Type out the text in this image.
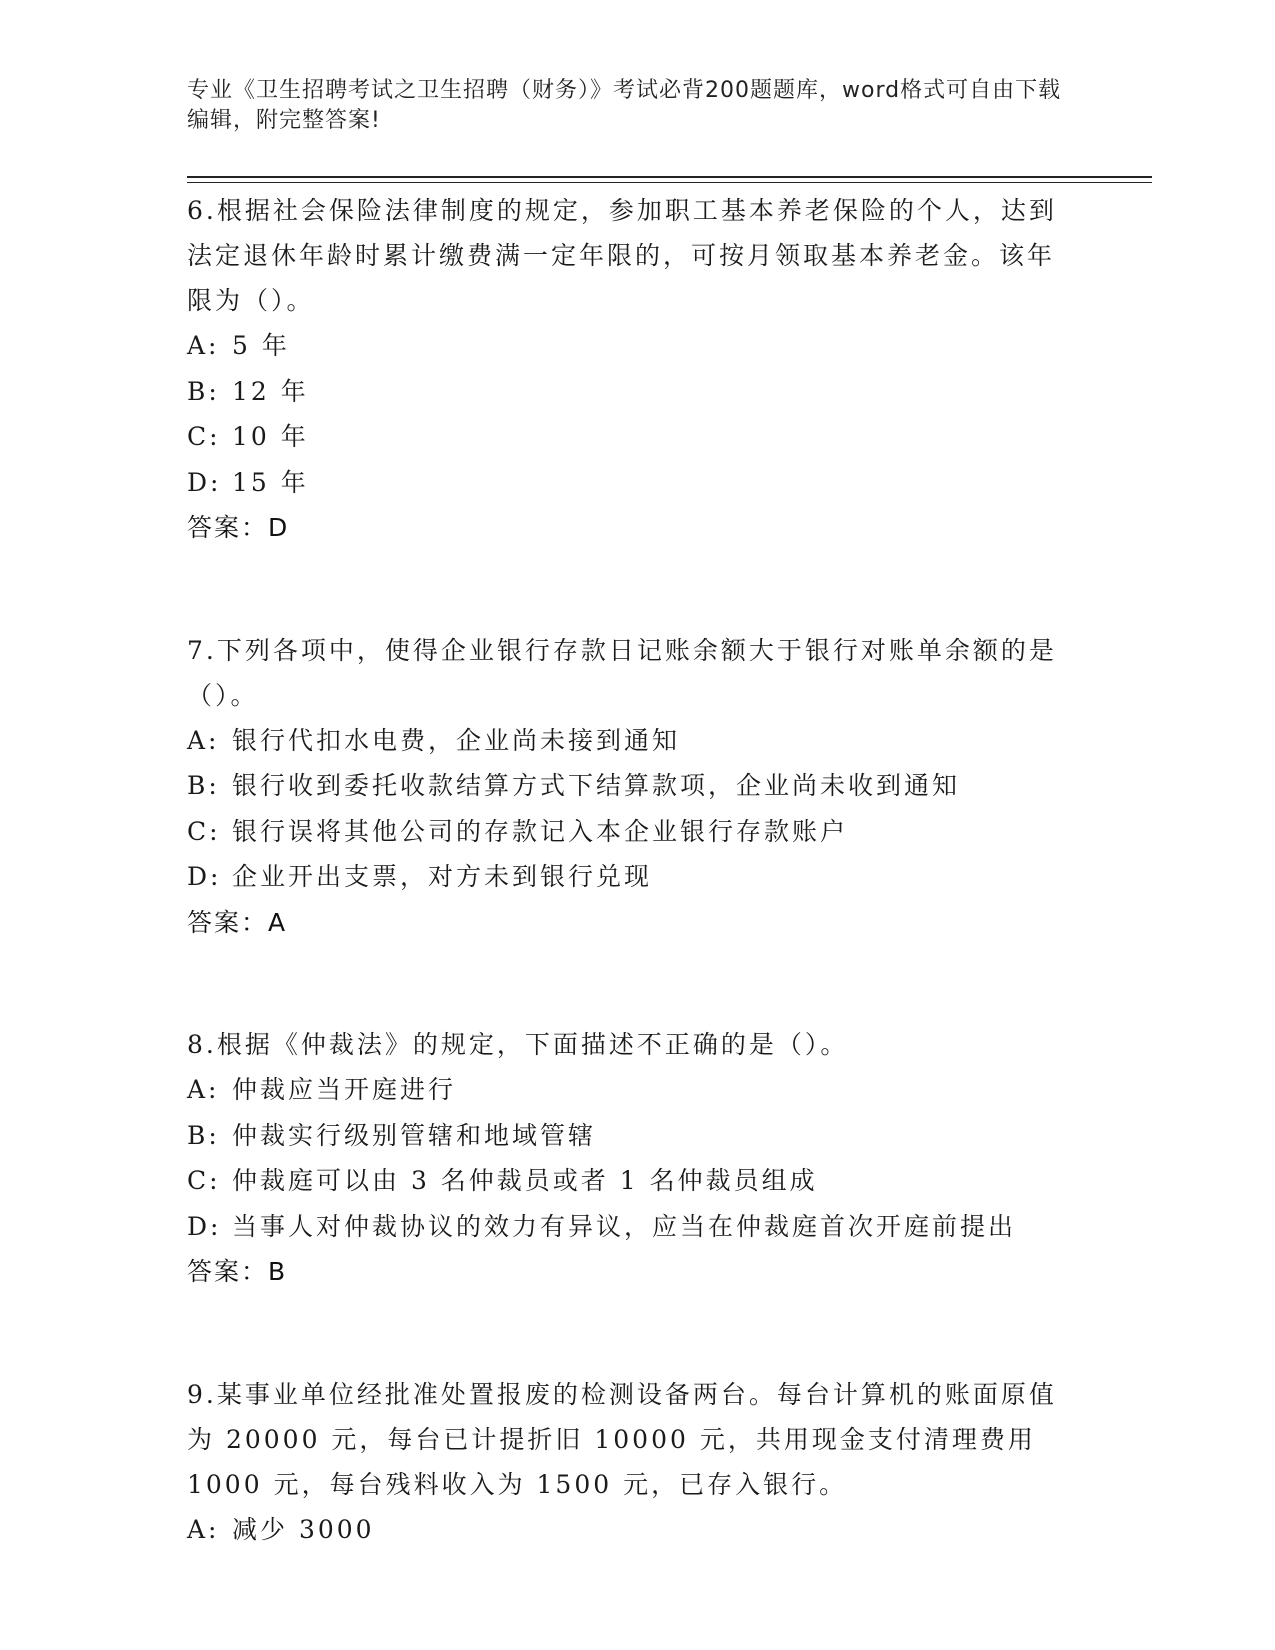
专业《卫生招聘考试之卫生招聘（财务）》考试必背200题题库，word格式可自由下载编辑，附完整答案!

6.根据社会保险法律制度的规定，参加职工基本养老保险的个人，达到法定退休年龄时累计缴费满一定年限的，可按月领取基本养老金。该年限为（）。

A: 5 年

B: 12 年

C: 10 年

D: 15 年

答案：D

7.下列各项中，使得企业银行存款日记账余额大于银行对账单余额的是（）。

A: 银行代扣水电费，企业尚未接到通知

B: 银行收到委托收款结算方式下结算款项，企业尚未收到通知

C: 银行误将其他公司的存款记入本企业银行存款账户

D: 企业开出支票，对方未到银行兑现

答案：A

8.根据《仲裁法》的规定，下面描述不正确的是（）。

A: 仲裁应当开庭进行

B: 仲裁实行级别管辖和地域管辖

C: 仲裁庭可以由 3 名仲裁员或者 1 名仲裁员组成

D: 当事人对仲裁协议的效力有异议，应当在仲裁庭首次开庭前提出

答案：B

9.某事业单位经批准处置报废的检测设备两台。每台计算机的账面原值为 20000 元，每台已计提折旧 10000 元，共用现金支付清理费用 1000 元，每台残料收入为 1500 元，已存入银行。

A: 减少 3000
